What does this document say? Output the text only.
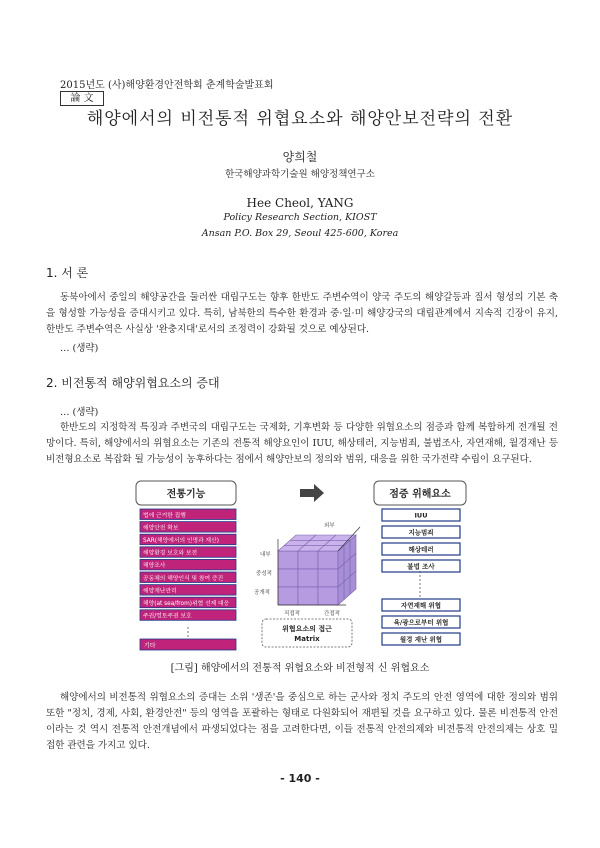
2015년도 (사)해양환경안전학회 춘계학술발표회
論 文
해양에서의 비전통적 위협요소와 해양안보전략의 전환
양희철
한국해양과학기술원 해양정책연구소
Hee Cheol, YANG
Policy Research Section, KIOST
Ansan P.O. Box 29, Seoul 425-600, Korea
1. 서 론
동북아에서 중일의 해양공간을 둘러싼 대립구도는 향후 한반도 주변수역이 양국 주도의 해양갈등과 질서 형성의 기본 축을 형성할 가능성을 증대시키고 있다. 특히, 남북한의 특수한 환경과 중·일·미 해양강국의 대립관계에서 지속적 긴장이 유지, 한반도 주변수역은 사실상 '완충지대'로서의 조정력이 강화될 것으로 예상된다.
… (생략)
2. 비전통적 해양위협요소의 증대
… (생략)
한반도의 지정학적 특징과 주변국의 대립구도는 국제화, 기후변화 등 다양한 위협요소의 점증과 함께 복합하게 전개될 전망이다. 특히, 해양에서의 위협요소는 기존의 전통적 해양요인이 IUU, 해상테러, 지능범죄, 불법조사, 자연재해, 월경재난 등 비전형요소로 복잡화 될 가능성이 농후하다는 점에서 해양안보의 정의와 범위, 대응을 위한 국가전략 수립이 요구된다.
전통기능	점증 위해요소
법에 근거한 집행
해양안전 확보
SAR(해양에서의 인명과 재산)
해양환경 보호와 보전
해양조사
공동체의 해양인식 및 참여 증진
해양재난관리
해양(at sea/from)위협 선제 대응
주권/영토주권 보호
기타
IUU
지능범죄
해상테러
불법 조사
자연재해 위협
육/광으로부터 위협
월경 재난 위협
외부
내부
중성적
공개적
직접적	간접적
위협요소의 접근
Matrix
[그림] 해양에서의 전통적 위협요소와 비전형적 신 위협요소
해양에서의 비전통적 위협요소의 증대는 소위 '생존'을 중심으로 하는 군사와 정치 주도의 안전 영역에 대한 정의와 범위 또한 "정치, 경제, 사회, 환경안전" 등의 영역을 포괄하는 형태로 다원화되어 재편될 것을 요구하고 있다. 물론 비전통적 안전이라는 것 역시 전통적 안전개념에서 파생되었다는 점을 고려한다면, 이들 전통적 안전의제와 비전통적 안전의제는 상호 밀접한 관련을 가지고 있다.
- 140 -
